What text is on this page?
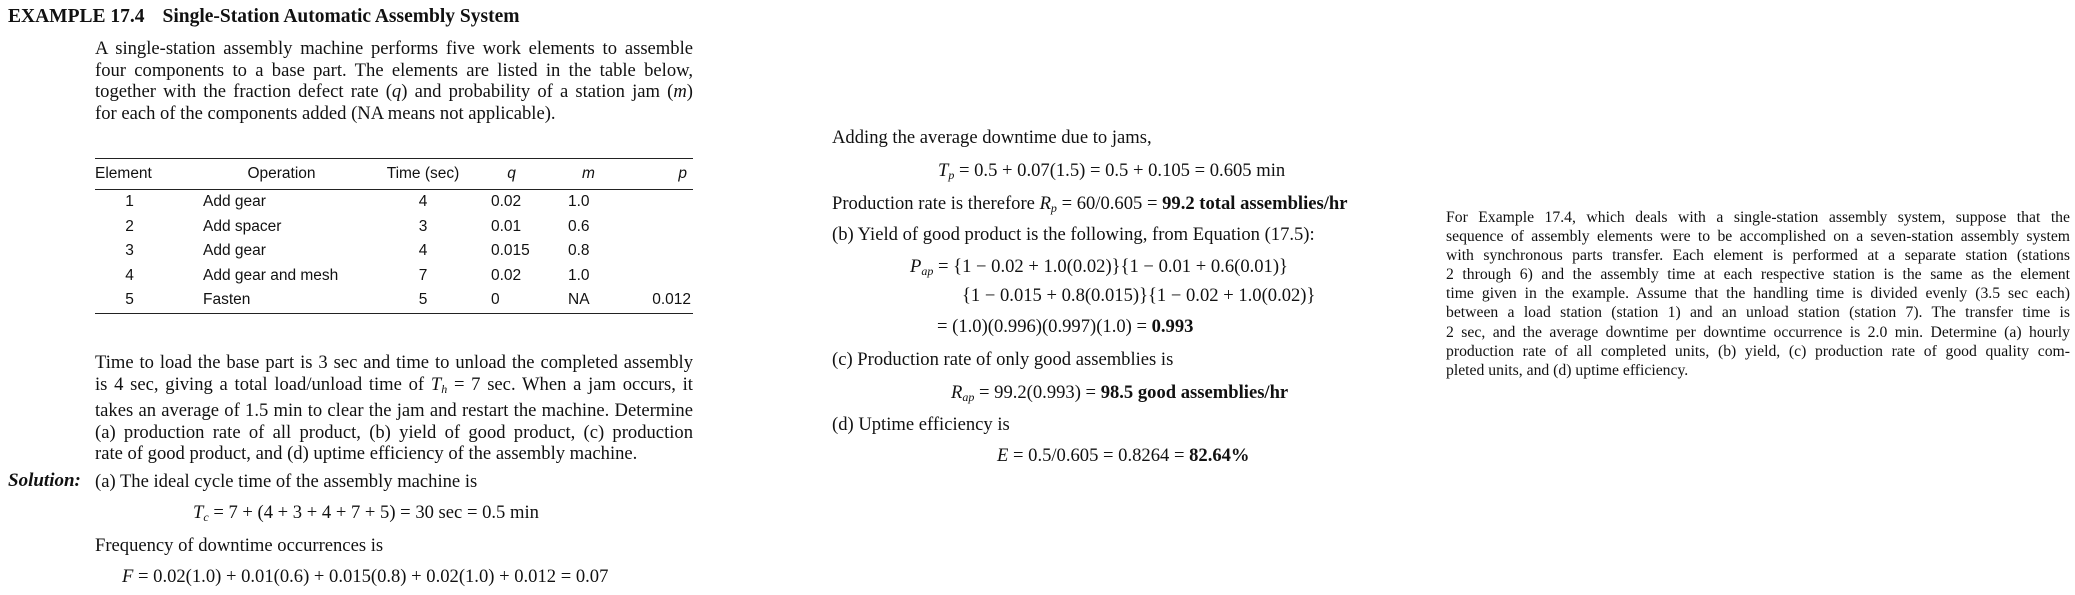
EXAMPLE 17.4 Single-Station Automatic Assembly System

A single-station assembly machine performs five work elements to assemble

four components to a base part. The elements are listed in the table below,

together with the fraction defect rate (q) and probability of a station jam (m)

for each of the components added (NA means not applicable).

Element	Operation	Time (sec)	q	m	p
1	Add gear	4	0.02	1.0	
2	Add spacer	3	0.01	0.6	
3	Add gear	4	0.015	0.8	
4	Add gear and mesh	7	0.02	1.0	
5	Fasten	5	0	NA	0.012

Time to load the base part is 3 sec and time to unload the completed assembly

is 4 sec, giving a total load/unload time of $T_h = 7$ sec. When a jam occurs, it

takes an average of 1.5 min to clear the jam and restart the machine. Determine

(a) production rate of all product, (b) yield of good product, (c) production

rate of good product, and (d) uptime efficiency of the assembly machine.

Solution: (a) The ideal cycle time of the assembly machine is
$T_c = 7 + (4 + 3 + 4 + 7 + 5) = 30$ sec = 0.5 min
Frequency of downtime occurrences is
F = 0.02(1.0) + 0.01(0.6) + 0.015(0.8) + 0.02(1.0) + 0.012 = 0.07
Adding the average downtime due to jams,
$T_p = 0.5 + 0.07(1.5) = 0.5 + 0.105 = 0.605$ min
Production rate is therefore $R_p = 60/0.605 = 99.2$ total assemblies/hr
(b) Yield of good product is the following, from Equation (17.5):
$P_{ap} = \{1 - 0.02 + 1.0(0.02)\}\{1 - 0.01 + 0.6(0.01)\}$
{1 − 0.015 + 0.8(0.015)}{1 − 0.02 + 1.0(0.02)}
= (1.0)(0.996)(0.997)(1.0) = 0.993
(c) Production rate of only good assemblies is
$R_{ap} = 99.2(0.993) = 98.5$ good assemblies/hr
(d) Uptime efficiency is
E = 0.5/0.605 = 0.8264 = 82.64%
For Example 17.4, which deals with a single-station assembly system, suppose that the
sequence of assembly elements were to be accomplished on a seven-station assembly system
with synchronous parts transfer. Each element is performed at a separate station (stations
2 through 6) and the assembly time at each respective station is the same as the element
time given in the example. Assume that the handling time is divided evenly (3.5 sec each)
between a load station (station 1) and an unload station (station 7). The transfer time is
2 sec, and the average downtime per downtime occurrence is 2.0 min. Determine (a) hourly
production rate of all completed units, (b) yield, (c) production rate of good quality com-
pleted units, and (d) uptime efficiency.
